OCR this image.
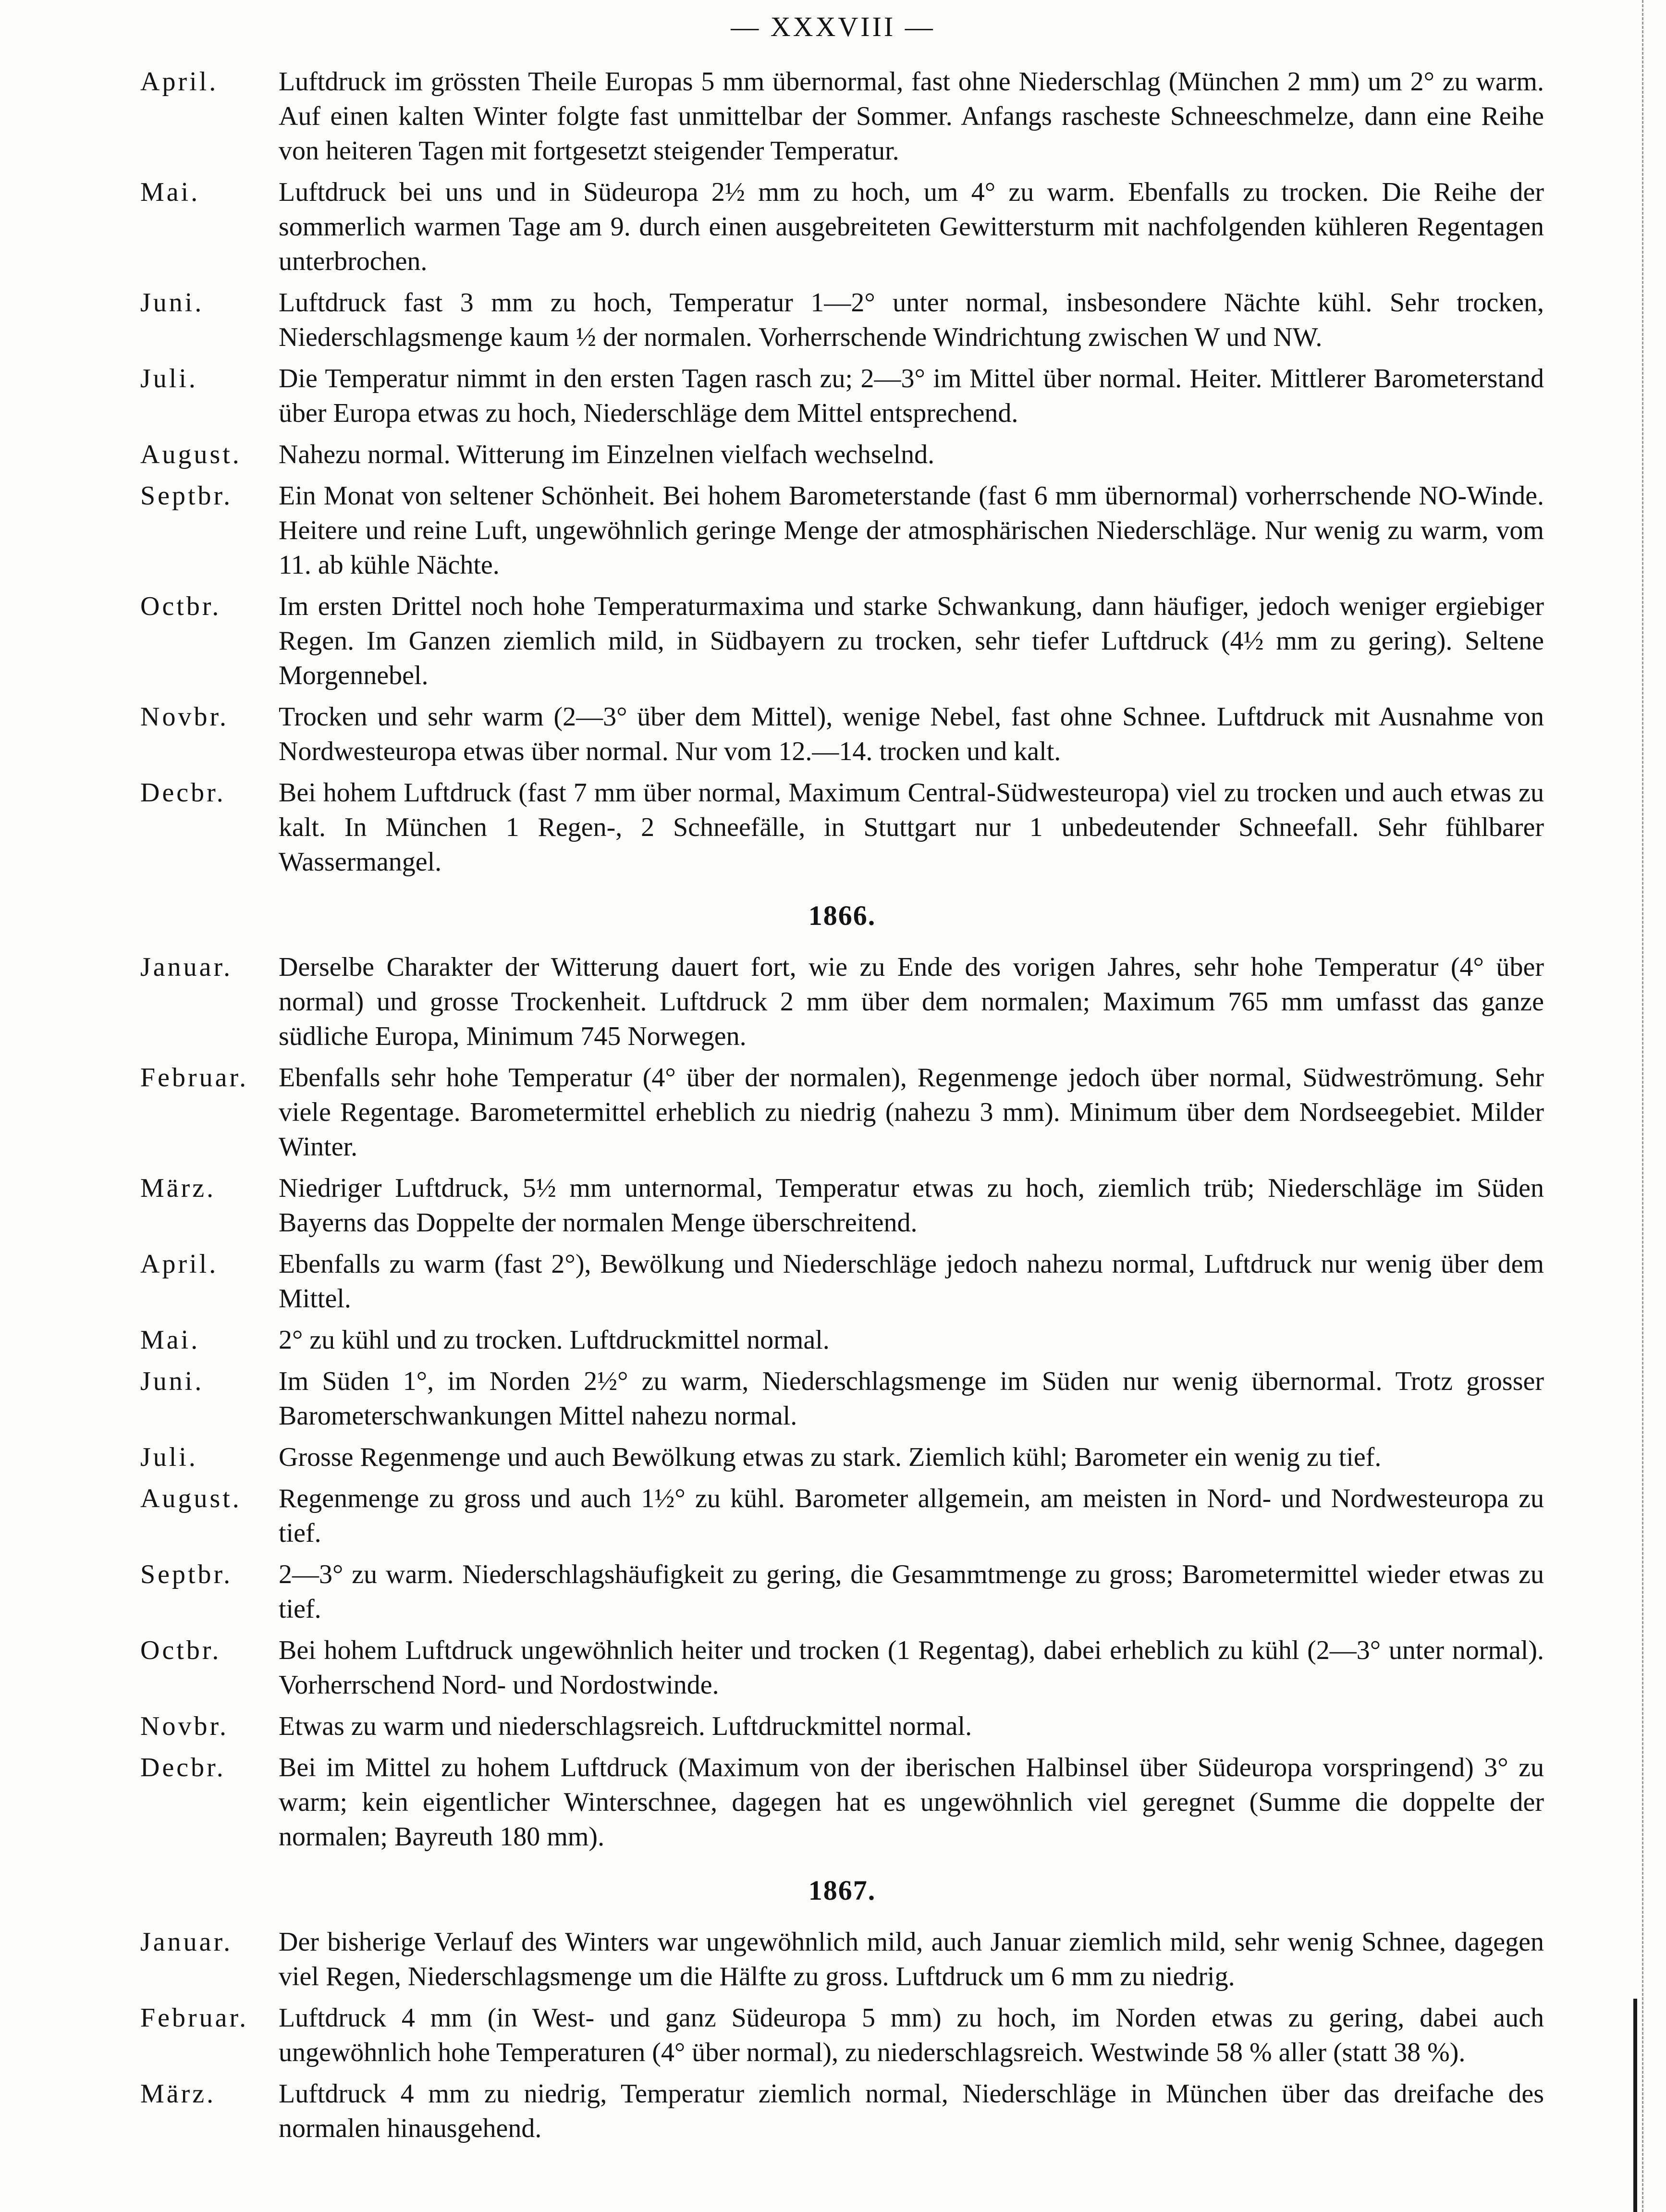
— XXXVIII —
April.	Luftdruck im grössten Theile Europas 5 mm übernormal, fast ohne Niederschlag (München 2 mm) um 2° zu warm. Auf einen kalten Winter folgte fast unmittelbar der Sommer. Anfangs rascheste Schneeschmelze, dann eine Reihe von heiteren Tagen mit fortgesetzt steigender Temperatur.
Mai.	Luftdruck bei uns und in Südeuropa 2½ mm zu hoch, um 4° zu warm. Ebenfalls zu trocken. Die Reihe der sommerlich warmen Tage am 9. durch einen ausgebreiteten Gewittersturm mit nachfolgenden kühleren Regentagen unterbrochen.
Juni.	Luftdruck fast 3 mm zu hoch, Temperatur 1—2° unter normal, insbesondere Nächte kühl. Sehr trocken, Niederschlagsmenge kaum ½ der normalen. Vorherrschende Windrichtung zwischen W und NW.
Juli.	Die Temperatur nimmt in den ersten Tagen rasch zu; 2—3° im Mittel über normal. Heiter. Mittlerer Barometerstand über Europa etwas zu hoch, Niederschläge dem Mittel entsprechend.
August.	Nahezu normal. Witterung im Einzelnen vielfach wechselnd.
Septbr.	Ein Monat von seltener Schönheit. Bei hohem Barometerstande (fast 6 mm übernormal) vorherrschende NO-Winde. Heitere und reine Luft, ungewöhnlich geringe Menge der atmosphärischen Niederschläge. Nur wenig zu warm, vom 11. ab kühle Nächte.
Octbr.	Im ersten Drittel noch hohe Temperaturmaxima und starke Schwankung, dann häufiger, jedoch weniger ergiebiger Regen. Im Ganzen ziemlich mild, in Südbayern zu trocken, sehr tiefer Luftdruck (4½ mm zu gering). Seltene Morgennebel.
Novbr.	Trocken und sehr warm (2—3° über dem Mittel), wenige Nebel, fast ohne Schnee. Luftdruck mit Ausnahme von Nordwesteuropa etwas über normal. Nur vom 12.—14. trocken und kalt.
Decbr.	Bei hohem Luftdruck (fast 7 mm über normal, Maximum Central-Südwesteuropa) viel zu trocken und auch etwas zu kalt. In München 1 Regen-, 2 Schneefälle, in Stuttgart nur 1 unbedeutender Schneefall. Sehr fühlbarer Wassermangel.
1866.
Januar.	Derselbe Charakter der Witterung dauert fort, wie zu Ende des vorigen Jahres, sehr hohe Temperatur (4° über normal) und grosse Trockenheit. Luftdruck 2 mm über dem normalen; Maximum 765 mm umfasst das ganze südliche Europa, Minimum 745 Norwegen.
Februar.	Ebenfalls sehr hohe Temperatur (4° über der normalen), Regenmenge jedoch über normal, Südweströmung. Sehr viele Regentage. Barometermittel erheblich zu niedrig (nahezu 3 mm). Minimum über dem Nordseegebiet. Milder Winter.
März.	Niedriger Luftdruck, 5½ mm unternormal, Temperatur etwas zu hoch, ziemlich trüb; Niederschläge im Süden Bayerns das Doppelte der normalen Menge überschreitend.
April.	Ebenfalls zu warm (fast 2°), Bewölkung und Niederschläge jedoch nahezu normal, Luftdruck nur wenig über dem Mittel.
Mai.	2° zu kühl und zu trocken. Luftdruckmittel normal.
Juni.	Im Süden 1°, im Norden 2½° zu warm, Niederschlagsmenge im Süden nur wenig übernormal. Trotz grosser Barometerschwankungen Mittel nahezu normal.
Juli.	Grosse Regenmenge und auch Bewölkung etwas zu stark. Ziemlich kühl; Barometer ein wenig zu tief.
August.	Regenmenge zu gross und auch 1½° zu kühl. Barometer allgemein, am meisten in Nord- und Nordwesteuropa zu tief.
Septbr.	2—3° zu warm. Niederschlagshäufigkeit zu gering, die Gesammtmenge zu gross; Barometermittel wieder etwas zu tief.
Octbr.	Bei hohem Luftdruck ungewöhnlich heiter und trocken (1 Regentag), dabei erheblich zu kühl (2—3° unter normal). Vorherrschend Nord- und Nordostwinde.
Novbr.	Etwas zu warm und niederschlagsreich. Luftdruckmittel normal.
Decbr.	Bei im Mittel zu hohem Luftdruck (Maximum von der iberischen Halbinsel über Südeuropa vorspringend) 3° zu warm; kein eigentlicher Winterschnee, dagegen hat es ungewöhnlich viel geregnet (Summe die doppelte der normalen; Bayreuth 180 mm).
1867.
Januar.	Der bisherige Verlauf des Winters war ungewöhnlich mild, auch Januar ziemlich mild, sehr wenig Schnee, dagegen viel Regen, Niederschlagsmenge um die Hälfte zu gross. Luftdruck um 6 mm zu niedrig.
Februar.	Luftdruck 4 mm (in West- und ganz Südeuropa 5 mm) zu hoch, im Norden etwas zu gering, dabei auch ungewöhnlich hohe Temperaturen (4° über normal), zu niederschlagsreich. Westwinde 58 % aller (statt 38 %).
März.	Luftdruck 4 mm zu niedrig, Temperatur ziemlich normal, Niederschläge in München über das dreifache des normalen hinausgehend.
